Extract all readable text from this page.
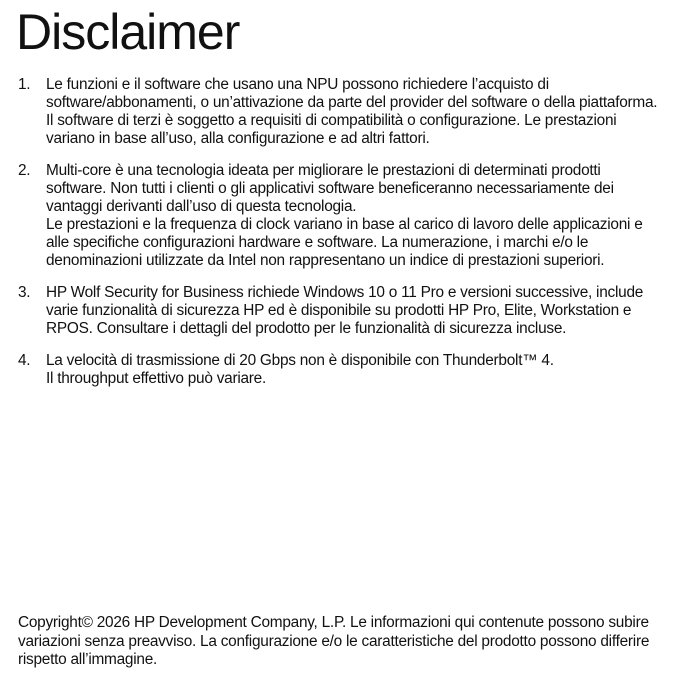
Disclaimer
1. Le funzioni e il software che usano una NPU possono richiedere l’acquisto di software/abbonamenti, o un’attivazione da parte del provider del software o della piattaforma. Il software di terzi è soggetto a requisiti di compatibilità o configurazione. Le prestazioni variano in base all’uso, alla configurazione e ad altri fattori.
2. Multi-core è una tecnologia ideata per migliorare le prestazioni di determinati prodotti software. Non tutti i clienti o gli applicativi software beneficeranno necessariamente dei vantaggi derivanti dall’uso di questa tecnologia.
Le prestazioni e la frequenza di clock variano in base al carico di lavoro delle applicazioni e alle specifiche configurazioni hardware e software. La numerazione, i marchi e/o le denominazioni utilizzate da Intel non rappresentano un indice di prestazioni superiori.
3. HP Wolf Security for Business richiede Windows 10 o 11 Pro e versioni successive, include varie funzionalità di sicurezza HP ed è disponibile su prodotti HP Pro, Elite, Workstation e RPOS. Consultare i dettagli del prodotto per le funzionalità di sicurezza incluse.
4. La velocità di trasmissione di 20 Gbps non è disponibile con Thunderbolt™ 4.
Il throughput effettivo può variare.

Copyright© 2026 HP Development Company, L.P. Le informazioni qui contenute possono subire variazioni senza preavviso. La configurazione e/o le caratteristiche del prodotto possono differire rispetto all’immagine.
